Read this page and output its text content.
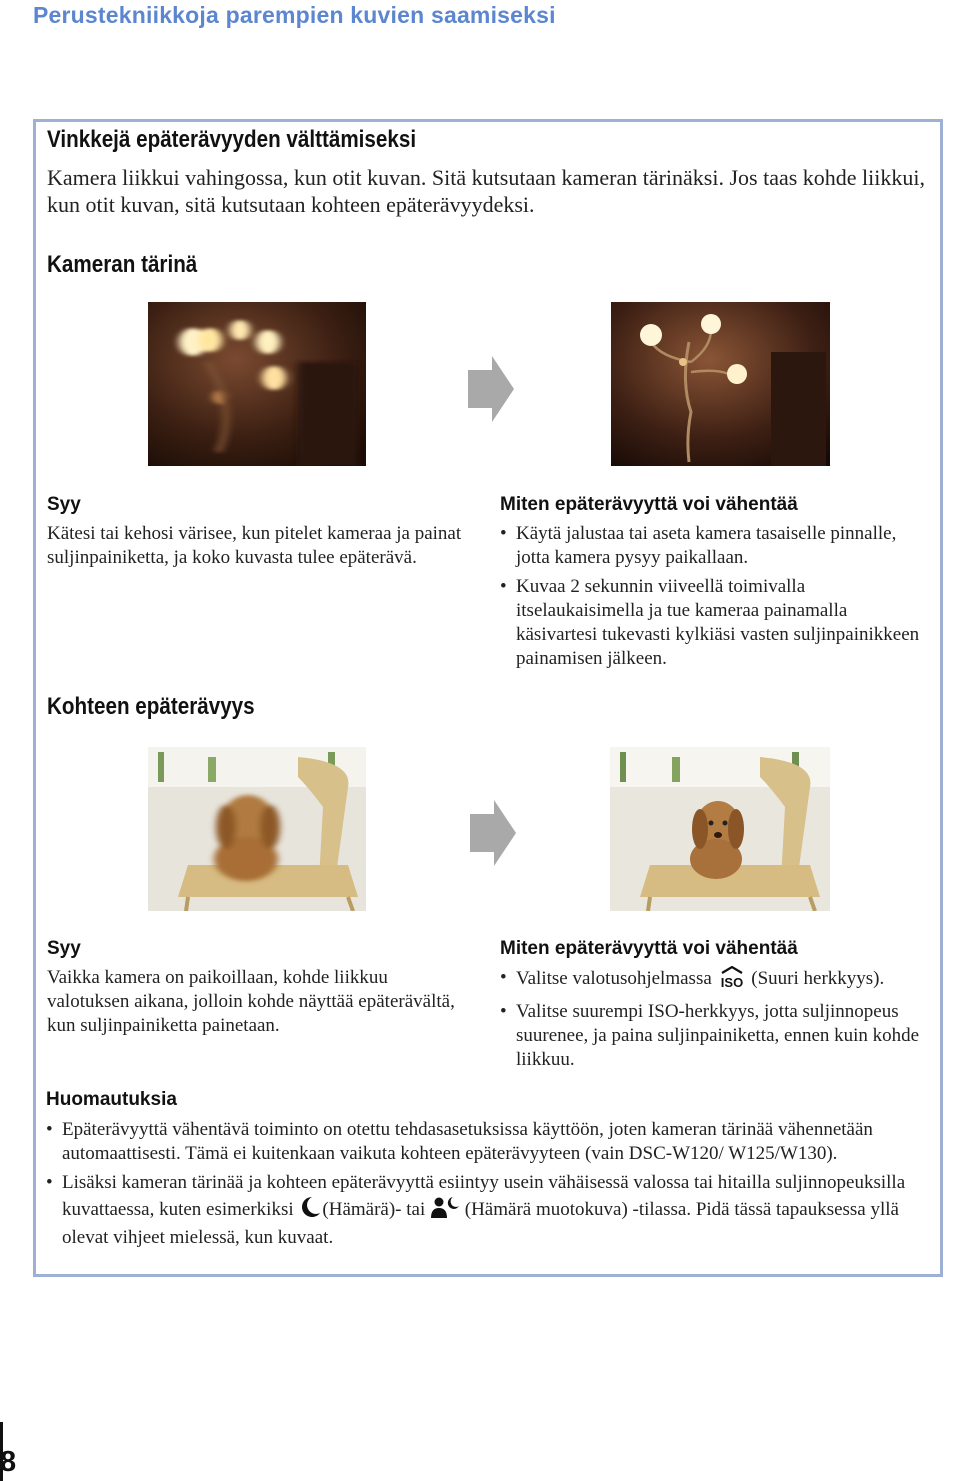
Perustekniikkoja parempien kuvien saamiseksi
Vinkkejä epäterävyyden välttämiseksi
Kamera liikkui vahingossa, kun otit kuvan. Sitä kutsutaan kameran tärinäksi. Jos taas kohde liikkui, kun otit kuvan, sitä kutsutaan kohteen epäterävyydeksi.
Kameran tärinä
Syy
Kätesi tai kehosi värisee, kun pitelet kameraa ja painat suljinpainiketta, ja koko kuvasta tulee epäterävä.
Miten epäterävyyttä voi vähentää
• Käytä jalustaa tai aseta kamera tasaiselle pinnalle, jotta kamera pysyy paikallaan.
• Kuvaa 2 sekunnin viiveellä toimivalla itselaukaisimella ja tue kameraa painamalla käsivartesi tukevasti kylkiäsi vasten suljinpainikkeen painamisen jälkeen.
Kohteen epäterävyys
Syy
Vaikka kamera on paikoillaan, kohde liikkuu valotuksen aikana, jolloin kohde näyttää epäterävältä, kun suljinpainiketta painetaan.
Miten epäterävyyttä voi vähentää
• Valitse valotusohjelmassa ISO (Suuri herkkyys).
• Valitse suurempi ISO-herkkyys, jotta suljinnopeus suurenee, ja paina suljinpainiketta, ennen kuin kohde liikkuu.
Huomautuksia
• Epäterävyyttä vähentävä toiminto on otettu tehdasasetuksissa käyttöön, joten kameran tärinää vähennetään automaattisesti. Tämä ei kuitenkaan vaikuta kohteen epäterävyyteen (vain DSC-W120/ W125/W130).
• Lisäksi kameran tärinää ja kohteen epäterävyyttä esiintyy usein vähäisessä valossa tai hitailla suljinnopeuksilla kuvattaessa, kuten esimerkiksi (Hämärä)- tai (Hämärä muotokuva) -tilassa. Pidä tässä tapauksessa yllä olevat vihjeet mielessä, kun kuvaat.
8
